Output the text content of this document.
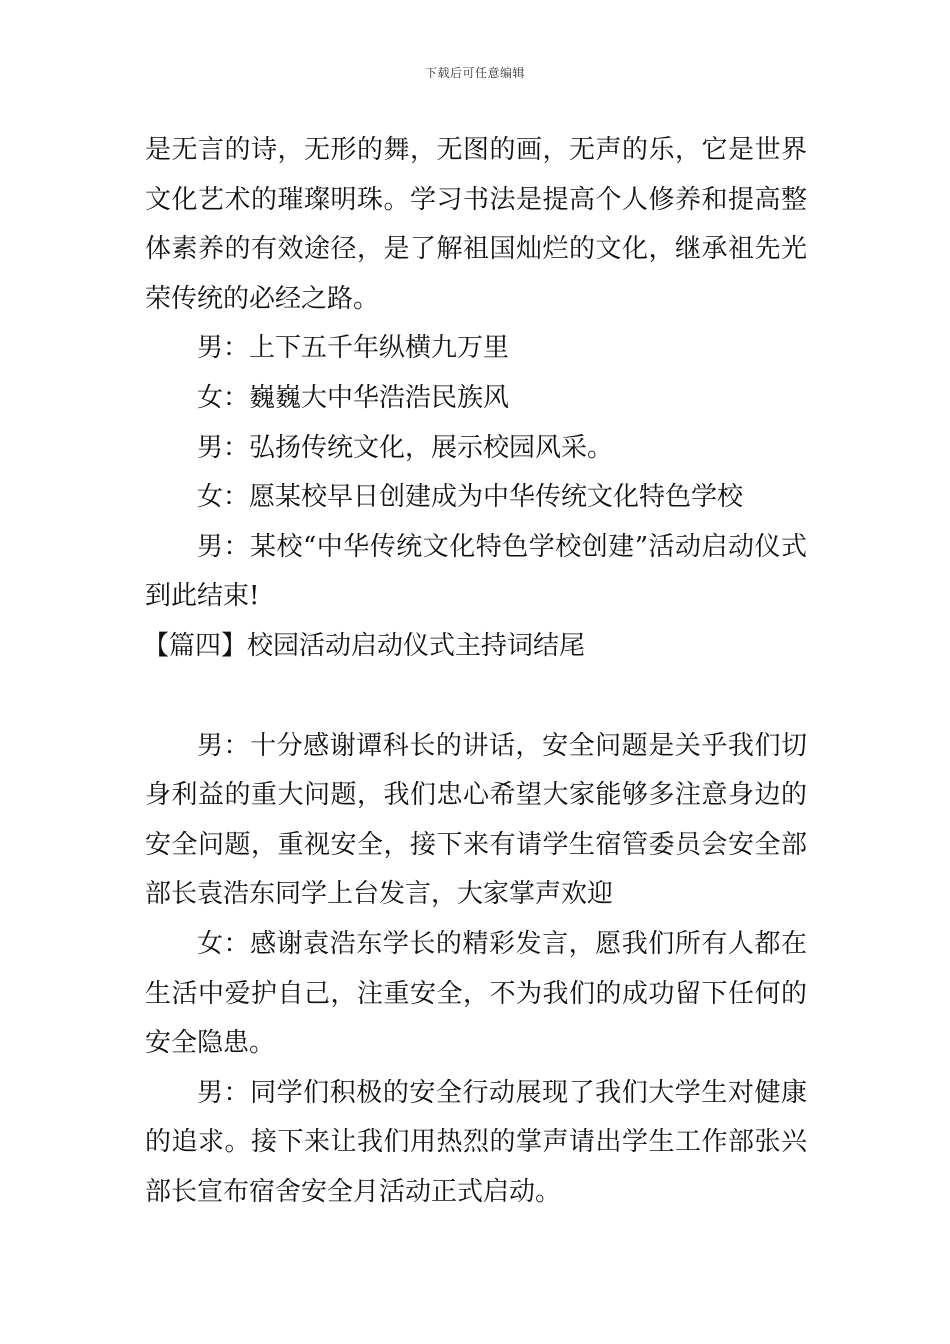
下载后可任意编辑

是无言的诗，无形的舞，无图的画，无声的乐，它是世界文化艺术的璀璨明珠。学习书法是提高个人修养和提高整体素养的有效途径，是了解祖国灿烂的文化，继承祖先光荣传统的必经之路。

男：上下五千年纵横九万里

女：巍巍大中华浩浩民族风

男：弘扬传统文化，展示校园风采。

女：愿某校早日创建成为中华传统文化特色学校

男：某校“中华传统文化特色学校创建”活动启动仪式到此结束!

【篇四】校园活动启动仪式主持词结尾

男：十分感谢谭科长的讲话，安全问题是关乎我们切身利益的重大问题，我们忠心希望大家能够多注意身边的安全问题，重视安全，接下来有请学生宿管委员会安全部部长袁浩东同学上台发言，大家掌声欢迎

女：感谢袁浩东学长的精彩发言，愿我们所有人都在生活中爱护自己，注重安全，不为我们的成功留下任何的安全隐患。

男：同学们积极的安全行动展现了我们大学生对健康的追求。接下来让我们用热烈的掌声请出学生工作部张兴部长宣布宿舍安全月活动正式启动。
